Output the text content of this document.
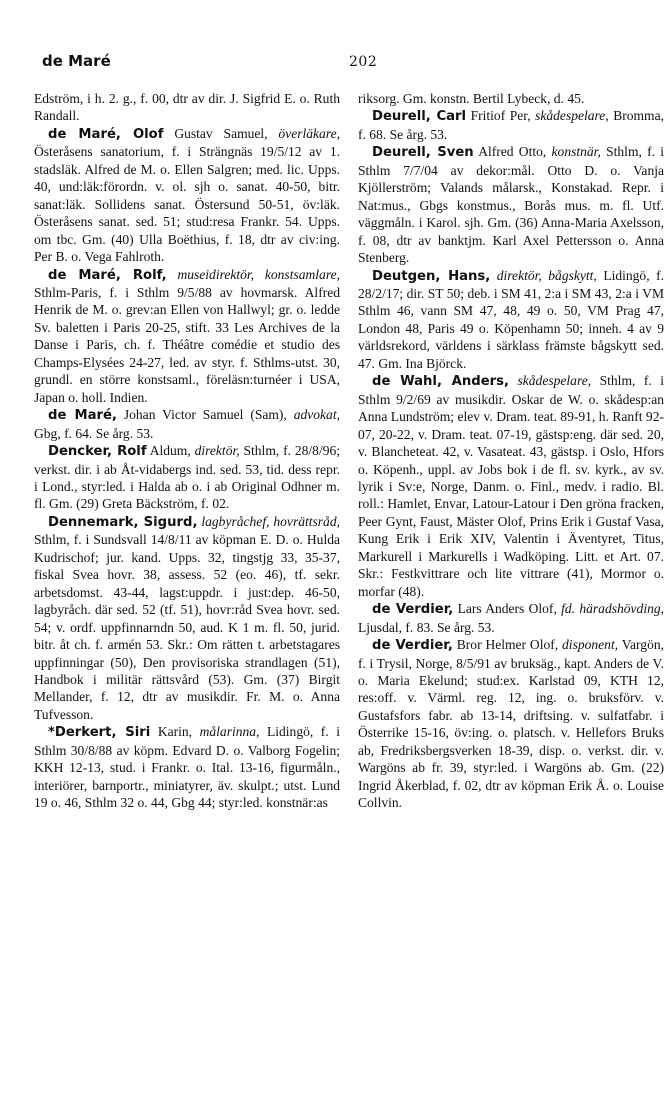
de Maré	202

Edström, i h. 2. g., f. 00, dtr av dir. J. Sigfrid E. o. Ruth Randall.

de Maré, Olof Gustav Samuel, överläkare, Österåsens sanatorium, f. i Strängnäs 19/5/12 av 1. stadsläk. Alfred de M. o. Ellen Salgren; med. lic. Upps. 40, und:läk:förordn. v. ol. sjh o. sanat. 40-50, bitr. sanat:läk. Sollidens sanat. Östersund 50-51, öv:läk. Österåsens sanat. sed. 51; stud:resa Frankr. 54. Upps. om tbc. Gm. (40) Ulla Boëthius, f. 18, dtr av civ:ing. Per B. o. Vega Fahlroth.

de Maré, Rolf, museidirektör, konstsamlare, Sthlm-Paris, f. i Sthlm 9/5/88 av hovmarsk. Alfred Henrik de M. o. grev:an Ellen von Hallwyl; gr. o. ledde Sv. baletten i Paris 20-25, stift. 33 Les Archives de la Danse i Paris, ch. f. Théâtre comédie et studio des Champs-Elysées 24-27, led. av styr. f. Sthlms-utst. 30, grundl. en större konstsaml., föreläsn:turnéer i USA, Japan o. holl. Indien.

de Maré, Johan Victor Samuel (Sam), advokat, Gbg, f. 64. Se årg. 53.

Dencker, Rolf Aldum, direktör, Sthlm, f. 28/8/96; verkst. dir. i ab Åt-vidabergs ind. sed. 53, tid. dess repr. i Lond., styr:led. i Halda ab o. i ab Original Odhner m. fl. Gm. (29) Greta Bäckström, f. 02.

Dennemark, Sigurd, lagbyråchef, hovrättsråd, Sthlm, f. i Sundsvall 14/8/11 av köpman E. D. o. Hulda Kudrischof; jur. kand. Upps. 32, tingstjg 33, 35-37, fiskal Svea hovr. 38, assess. 52 (eo. 46), tf. sekr. arbetsdomst. 43-44, lagst:uppdr. i just:dep. 46-50, lagbyråch. där sed. 52 (tf. 51), hovr:råd Svea hovr. sed. 54; v. ordf. uppfinnarndn 50, aud. K 1 m. fl. 50, jurid. bitr. åt ch. f. armén 53. Skr.: Om rätten t. arbetstagares uppfinningar (50), Den provisoriska strandlagen (51), Handbok i militär rättsvård (53). Gm. (37) Birgit Mellander, f. 12, dtr av musikdir. Fr. M. o. Anna Tufvesson.

*Derkert, Siri Karin, målarinna, Lidingö, f. i Sthlm 30/8/88 av köpm. Edvard D. o. Valborg Fogelin; KKH 12-13, stud. i Frankr. o. Ital. 13-16, figurmåln., interiörer, barnportr., miniatyrer, äv. skulpt.; utst. Lund 19 o. 46, Sthlm 32 o. 44, Gbg 44; styr:led. konstnär:as

riksorg. Gm. konstn. Bertil Lybeck, d. 45.

Deurell, Carl Fritiof Per, skådespelare, Bromma, f. 68. Se årg. 53.

Deurell, Sven Alfred Otto, konstnär, Sthlm, f. i Sthlm 7/7/04 av dekor:mål. Otto D. o. Vanja Kjöllerström; Valands målarsk., Konstakad. Repr. i Nat:mus., Gbgs konstmus., Borås mus. m. fl. Utf. väggmåln. i Karol. sjh. Gm. (36) Anna-Maria Axelsson, f. 08, dtr av banktjm. Karl Axel Pettersson o. Anna Stenberg.

Deutgen, Hans, direktör, bågskytt, Lidingö, f. 28/2/17; dir. ST 50; deb. i SM 41, 2:a i SM 43, 2:a i VM Sthlm 46, vann SM 47, 48, 49 o. 50, VM Prag 47, London 48, Paris 49 o. Köpenhamn 50; inneh. 4 av 9 världsrekord, världens i särklass främste bågskytt sed. 47. Gm. Ina Björck.

de Wahl, Anders, skådespelare, Sthlm, f. i Sthlm 9/2/69 av musikdir. Oskar de W. o. skådesp:an Anna Lundström; elev v. Dram. teat. 89-91, h. Ranft 92-07, 20-22, v. Dram. teat. 07-19, gästsp:eng. där sed. 20, v. Blancheteat. 42, v. Vasateat. 43, gästsp. i Oslo, Hfors o. Köpenh., uppl. av Jobs bok i de fl. sv. kyrk., av sv. lyrik i Sv:e, Norge, Danm. o. Finl., medv. i radio. Bl. roll.: Hamlet, Envar, Latour-Latour i Den gröna fracken, Peer Gynt, Faust, Mäster Olof, Prins Erik i Gustaf Vasa, Kung Erik i Erik XIV, Valentin i Äventyret, Titus, Markurell i Markurells i Wadköping. Litt. et Art. 07. Skr.: Festkvittrare och lite vittrare (41), Mormor o. morfar (48).

de Verdier, Lars Anders Olof, fd. häradshövding, Ljusdal, f. 83. Se årg. 53.

de Verdier, Bror Helmer Olof, disponent, Vargön, f. i Trysil, Norge, 8/5/91 av bruksäg., kapt. Anders de V. o. Maria Ekelund; stud:ex. Karlstad 09, KTH 12, res:off. v. Värml. reg. 12, ing. o. bruksförv. v. Gustafsfors fabr. ab 13-14, driftsing. v. sulfatfabr. i Österrike 15-16, öv:ing. o. platsch. v. Hellefors Bruks ab, Fredriksbergsverken 18-39, disp. o. verkst. dir. v. Wargöns ab fr. 39, styr:led. i Wargöns ab. Gm. (22) Ingrid Åkerblad, f. 02, dtr av köpman Erik Å. o. Louise Collvin.
